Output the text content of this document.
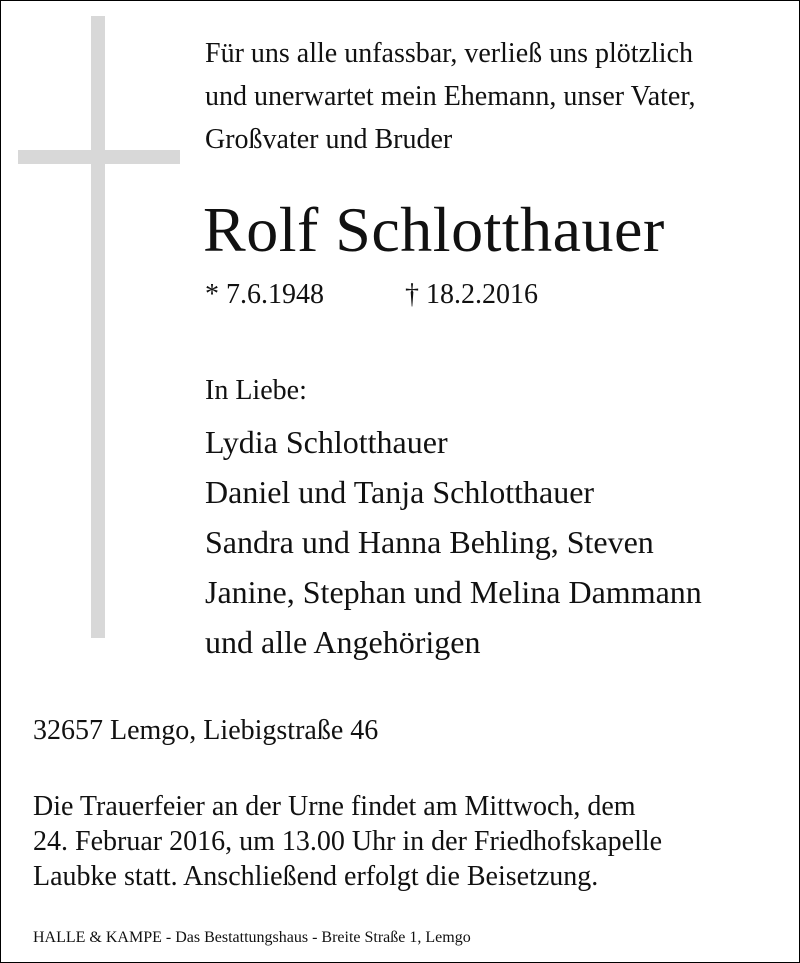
Für uns alle unfassbar, verließ uns plötzlich
und unerwartet mein Ehemann, unser Vater,
Großvater und Bruder
Rolf Schlotthauer
* 7.6.1948	† 18.2.2016
In Liebe:
Lydia Schlotthauer
Daniel und Tanja Schlotthauer
Sandra und Hanna Behling, Steven
Janine, Stephan und Melina Dammann
und alle Angehörigen
32657 Lemgo, Liebigstraße 46
Die Trauerfeier an der Urne findet am Mittwoch, dem
24. Februar 2016, um 13.00 Uhr in der Friedhofskapelle
Laubke statt. Anschließend erfolgt die Beisetzung.
HALLE & KAMPE - Das Bestattungshaus - Breite Straße 1, Lemgo
